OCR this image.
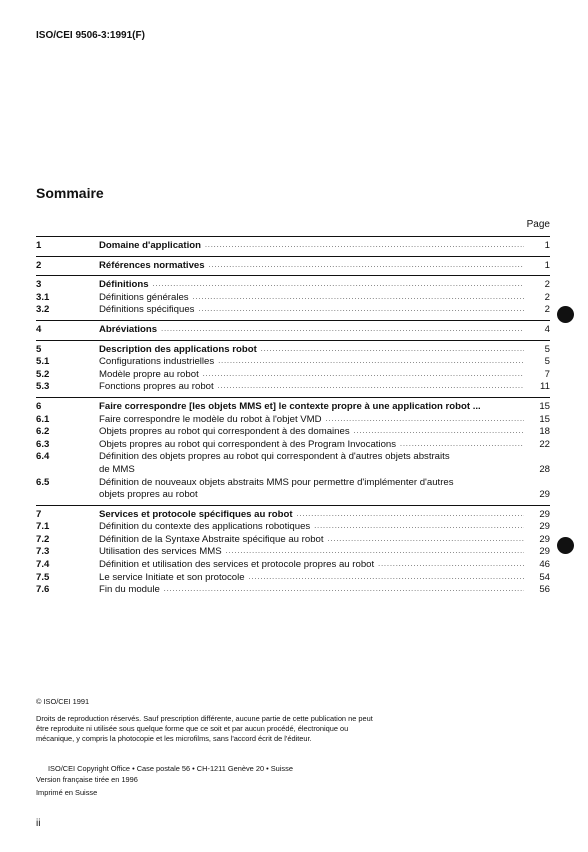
ISO/CEI 9506-3:1991(F)
Sommaire
Page
1	Domaine d'application .....	1
2	Références normatives .....	1
3	Définitions .....	2
3.1	Définitions générales .....	2
3.2	Définitions spécifiques .....	2
4	Abréviations .....	4
5	Description des applications robot .....	5
5.1	Configurations industrielles .....	5
5.2	Modèle propre au robot .....	7
5.3	Fonctions propres au robot .....	11
6	Faire correspondre [les objets MMS et] le contexte propre à une application robot ...	15
6.1	Faire correspondre le modèle du robot à l'objet VMD .....	15
6.2	Objets propres au robot qui correspondent à des domaines .....	18
6.3	Objets propres au robot qui correspondent à des Program Invocations .....	22
6.4	Définition des objets propres au robot qui correspondent à d'autres objets abstraits
de MMS	28
6.5	Définition de nouveaux objets abstraits MMS pour permettre d'implémenter d'autres
objets propres au robot	29
7	Services et protocole spécifiques au robot .....	29
7.1	Définition du contexte des applications robotiques .....	29
7.2	Définition de la Syntaxe Abstraite spécifique au robot .....	29
7.3	Utilisation des services MMS .....	29
7.4	Définition et utilisation des services et protocole propres au robot .....	46
7.5	Le service Initiate et son protocole .....	54
7.6	Fin du module .....	56
© ISO/CEI 1991
Droits de reproduction réservés. Sauf prescription différente, aucune partie de cette publication ne peut être reproduite ni utilisée sous quelque forme que ce soit et par aucun procédé, électronique ou mécanique, y compris la photocopie et les microfilms, sans l'accord écrit de l'éditeur.
ISO/CEI Copyright Office • Case postale 56 • CH-1211 Genève 20 • Suisse
Version française tirée en 1996
Imprimé en Suisse
ii
